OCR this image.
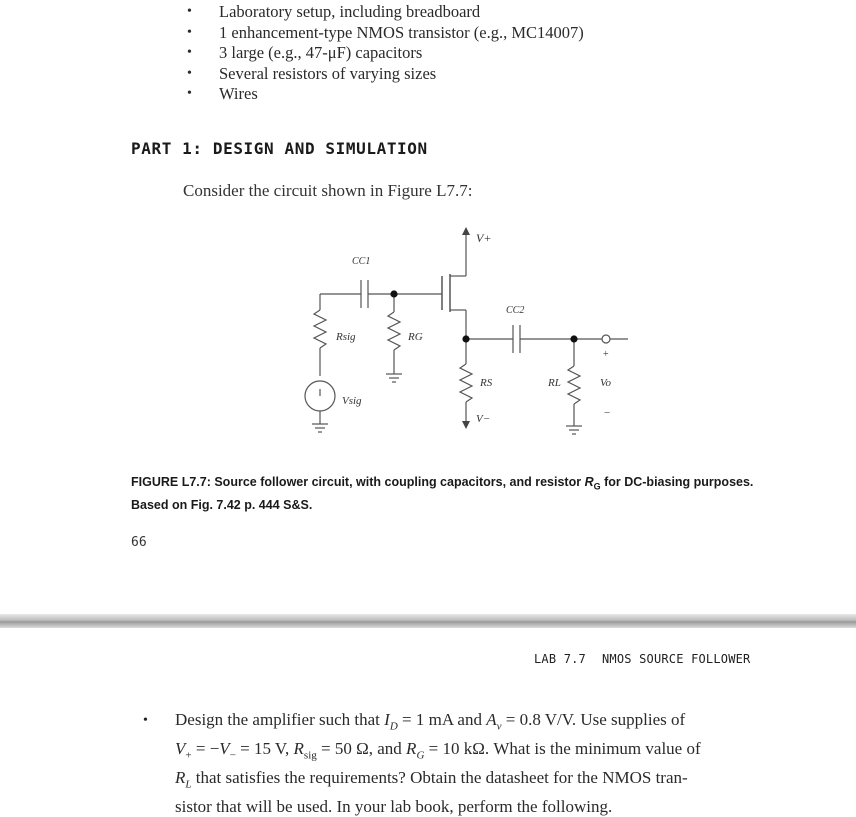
• Laboratory setup, including breadboard
• 1 enhancement-type NMOS transistor (e.g., MC14007)
• 3 large (e.g., 47-μF) capacitors
• Several resistors of varying sizes
• Wires
PART 1: DESIGN AND SIMULATION
Consider the circuit shown in Figure L7.7:
V+
CC1
CC2
Rsig	RG
RS	RL
Vsig
V−
+
Vo
−
FIGURE L7.7: Source follower circuit, with coupling capacitors, and resistor $R_G$ for DC-biasing purposes.
Based on Fig. 7.42 p. 444 S&S.
66
LAB 7.7 NMOS SOURCE FOLLOWER
• Design the amplifier such that $I_D = 1$ mA and $A_v = 0.8$ V/V. Use supplies of
$V_+ = -V_- = 15$ V, $R_{sig} = 50$ Ω, and $R_G = 10$ kΩ. What is the minimum value of
$R_L$ that satisfies the requirements? Obtain the datasheet for the NMOS tran-
sistor that will be used. In your lab book, perform the following.
